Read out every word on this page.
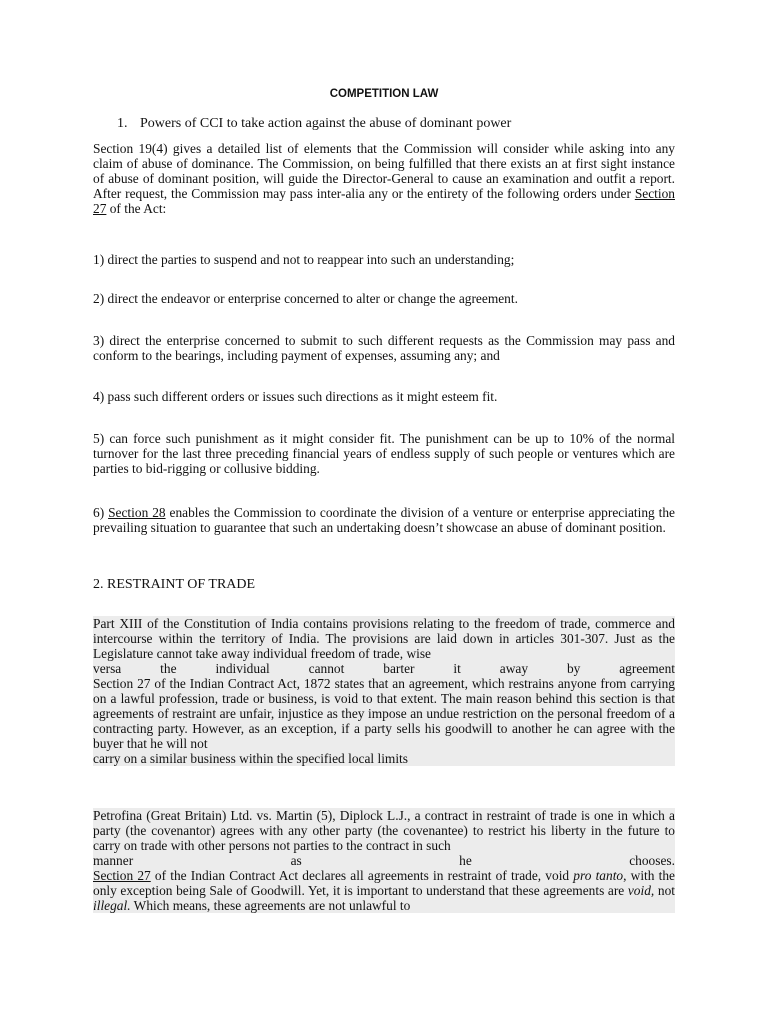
COMPETITION LAW
1. Powers of CCI to take action against the abuse of dominant power

Section 19(4) gives a detailed list of elements that the Commission will consider while asking into any claim of abuse of dominance. The Commission, on being fulfilled that there exists an at first sight instance of abuse of dominant position, will guide the Director-General to cause an examination and outfit a report. After request, the Commission may pass inter-alia any or the entirety of the following orders under Section 27 of the Act:

1) direct the parties to suspend and not to reappear into such an understanding;

2) direct the endeavor or enterprise concerned to alter or change the agreement.

3) direct the enterprise concerned to submit to such different requests as the Commission may pass and conform to the bearings, including payment of expenses, assuming any; and

4) pass such different orders or issues such directions as it might esteem fit.

5) can force such punishment as it might consider fit. The punishment can be up to 10% of the normal turnover for the last three preceding financial years of endless supply of such people or ventures which are parties to bid-rigging or collusive bidding.

6) Section 28 enables the Commission to coordinate the division of a venture or enterprise appreciating the prevailing situation to guarantee that such an undertaking doesn’t showcase an abuse of dominant position.

2. RESTRAINT OF TRADE
Part XIII of the Constitution of India contains provisions relating to the freedom of trade, commerce and intercourse within the territory of India. The provisions are laid down in articles 301-307. Just as the Legislature cannot take away individual freedom of trade, wise
versa	the	individual	cannot	barter	it	away	by	agreement
Section 27 of the Indian Contract Act, 1872 states that an agreement, which restrains anyone from carrying on a lawful profession, trade or business, is void to that extent. The main reason behind this section is that agreements of restraint are unfair, injustice as they impose an undue restriction on the personal freedom of a contracting party. However, as an exception, if a party sells his goodwill to another he can agree with the buyer that he will not
carry on a similar business within the specified local limits
Petrofina (Great Britain) Ltd. vs. Martin (5), Diplock L.J., a contract in restraint of trade is one in which a party (the covenantor) agrees with any other party (the covenantee) to restrict his liberty in the future to carry on trade with other persons not parties to the contract in such
manner	as	he	chooses.
Section 27 of the Indian Contract Act declares all agreements in restraint of trade, void pro tanto, with the only exception being Sale of Goodwill. Yet, it is important to understand that these agreements are void, not illegal. Which means, these agreements are not unlawful to
